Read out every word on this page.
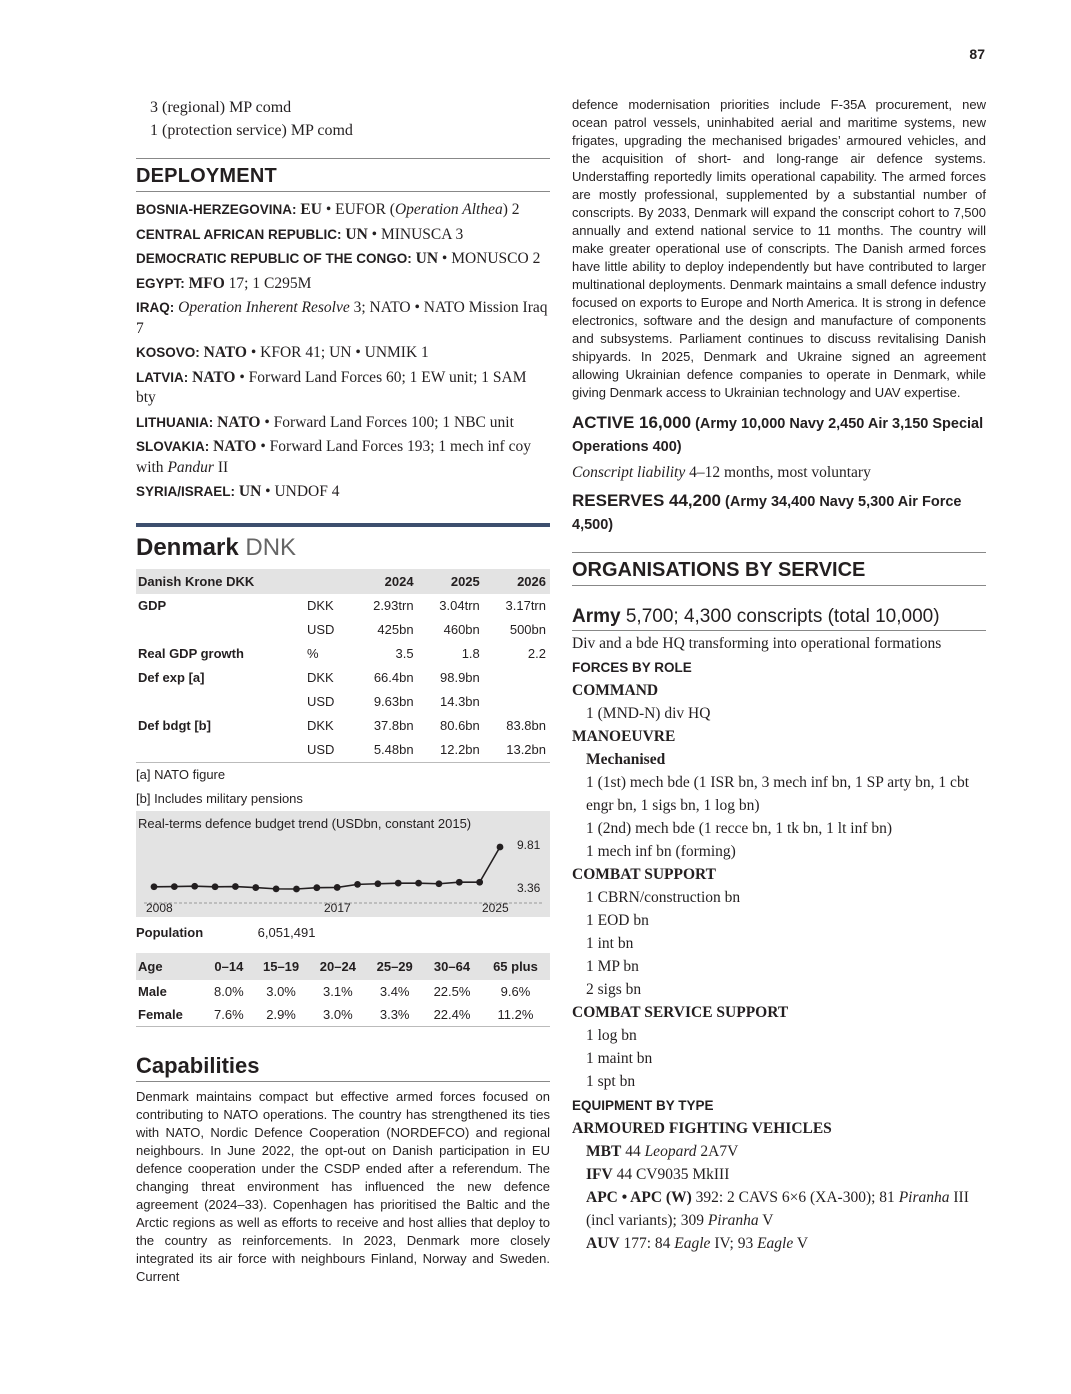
87
3 (regional) MP comd
1 (protection service) MP comd
DEPLOYMENT
BOSNIA-HERZEGOVINA: EU • EUFOR (Operation Althea) 2
CENTRAL AFRICAN REPUBLIC: UN • MINUSCA 3
DEMOCRATIC REPUBLIC OF THE CONGO: UN • MONUSCO 2
EGYPT: MFO 17; 1 C295M
IRAQ: Operation Inherent Resolve 3; NATO • NATO Mission Iraq 7
KOSOVO: NATO • KFOR 41; UN • UNMIK 1
LATVIA: NATO • Forward Land Forces 60; 1 EW unit; 1 SAM bty
LITHUANIA: NATO • Forward Land Forces 100; 1 NBC unit
SLOVAKIA: NATO • Forward Land Forces 193; 1 mech inf coy with Pandur II
SYRIA/ISRAEL: UN • UNDOF 4
Denmark DNK
Danish Krone DKK		2024	2025	2026
GDP	DKK	2.93trn	3.04trn	3.17trn
	USD	425bn	460bn	500bn
Real GDP growth	%	3.5	1.8	2.2
Def exp [a]	DKK	66.4bn	98.9bn	
	USD	9.63bn	14.3bn	
Def bdgt [b]	DKK	37.8bn	80.6bn	83.8bn
	USD	5.48bn	12.2bn	13.2bn
[a] NATO figure
[b] Includes military pensions
Real-terms defence budget trend (USDbn, constant 2015)
9.81
3.36
2008	2017	2025
Population	6,051,491
Age	0–14	15–19	20–24	25–29	30–64	65 plus
Male	8.0%	3.0%	3.1%	3.4%	22.5%	9.6%
Female	7.6%	2.9%	3.0%	3.3%	22.4%	11.2%
Capabilities
Denmark maintains compact but effective armed forces focused on contributing to NATO operations. The country has strengthened its ties with NATO, Nordic Defence Cooperation (NORDEFCO) and regional neighbours. In June 2022, the opt-out on Danish participation in EU defence cooperation under the CSDP ended after a referendum. The changing threat environment has influenced the new defence agreement (2024–33). Copenhagen has prioritised the Baltic and the Arctic regions as well as efforts to receive and host allies that deploy to the country as reinforcements. In 2023, Denmark more closely integrated its air force with neighbours Finland, Norway and Sweden. Current
defence modernisation priorities include F-35A procurement, new ocean patrol vessels, uninhabited aerial and maritime systems, new frigates, upgrading the mechanised brigades’ armoured vehicles, and the acquisition of short- and long-range air defence systems. Understaffing reportedly limits operational capability. The armed forces are mostly professional, supplemented by a substantial number of conscripts. By 2033, Denmark will expand the conscript cohort to 7,500 annually and extend national service to 11 months. The country will make greater operational use of conscripts. The Danish armed forces have little ability to deploy independently but have contributed to larger multinational deployments. Denmark maintains a small defence industry focused on exports to Europe and North America. It is strong in defence electronics, software and the design and manufacture of components and subsystems. Parliament continues to discuss revitalising Danish shipyards. In 2025, Denmark and Ukraine signed an agreement allowing Ukrainian defence companies to operate in Denmark, while giving Denmark access to Ukrainian technology and UAV expertise.
ACTIVE 16,000 (Army 10,000 Navy 2,450 Air 3,150 Special Operations 400)
Conscript liability 4–12 months, most voluntary
RESERVES 44,200 (Army 34,400 Navy 5,300 Air Force 4,500)
ORGANISATIONS BY SERVICE
Army 5,700; 4,300 conscripts (total 10,000)
Div and a bde HQ transforming into operational formations
FORCES BY ROLE
COMMAND
1 (MND-N) div HQ
MANOEUVRE
Mechanised
1 (1st) mech bde (1 ISR bn, 3 mech inf bn, 1 SP arty bn, 1 cbt engr bn, 1 sigs bn, 1 log bn)
1 (2nd) mech bde (1 recce bn, 1 tk bn, 1 lt inf bn)
1 mech inf bn (forming)
COMBAT SUPPORT
1 CBRN/construction bn
1 EOD bn
1 int bn
1 MP bn
2 sigs bn
COMBAT SERVICE SUPPORT
1 log bn
1 maint bn
1 spt bn
EQUIPMENT BY TYPE
ARMOURED FIGHTING VEHICLES
MBT 44 Leopard 2A7V
IFV 44 CV9035 MkIII
APC • APC (W) 392: 2 CAVS 6×6 (XA-300); 81 Piranha III (incl variants); 309 Piranha V
AUV 177: 84 Eagle IV; 93 Eagle V
